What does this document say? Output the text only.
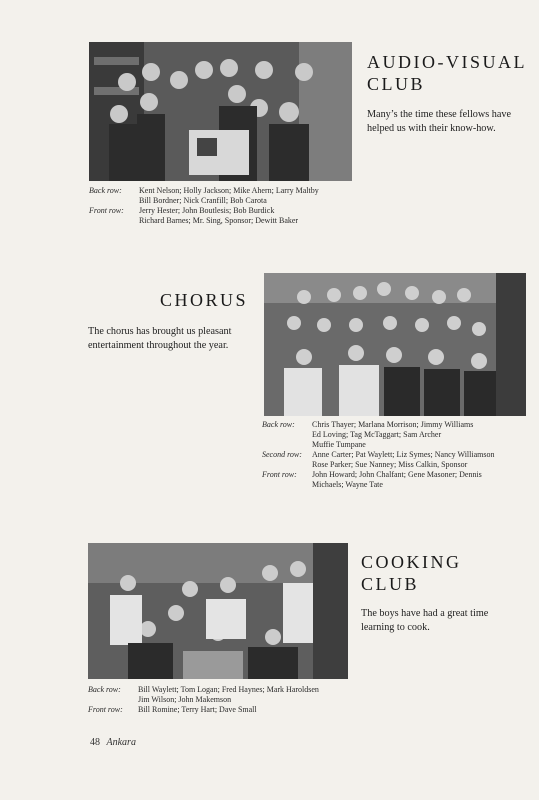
AUDIO-VISUAL
CLUB

Many’s the time these fellows have helped us with their know-how.

Back row:	Kent Nelson; Holly Jackson; Mike Ahern; Larry Maltby
Bill Bordner; Nick Cranfill; Bob Carota
Front row:	Jerry Hester; John Boutlesis; Bob Burdick
Richard Barnes; Mr. Sing, Sponsor; Dewitt Baker
CHORUS

The chorus has brought us pleasant entertainment throughout the year.

Back row:	Chris Thayer; Marlana Morrison; Jimmy Williams
Ed Loving; Tag McTaggart; Sam Archer
Muffie Tumpane
Second row:	Anne Carter; Pat Waylett; Liz Symes; Nancy Williamson
Rose Parker; Sue Nanney; Miss Calkin, Sponsor
Front row:	John Howard; John Chalfant; Gene Masoner; Dennis
Michaels; Wayne Tate
COOKING
CLUB

The boys have had a great time learning to cook.

Back row:	Bill Waylett; Tom Logan; Fred Haynes; Mark Haroldsen
Jim Wilson; John Makemson
Front row:	Bill Romine; Terry Hart; Dave Small
48 Ankara
